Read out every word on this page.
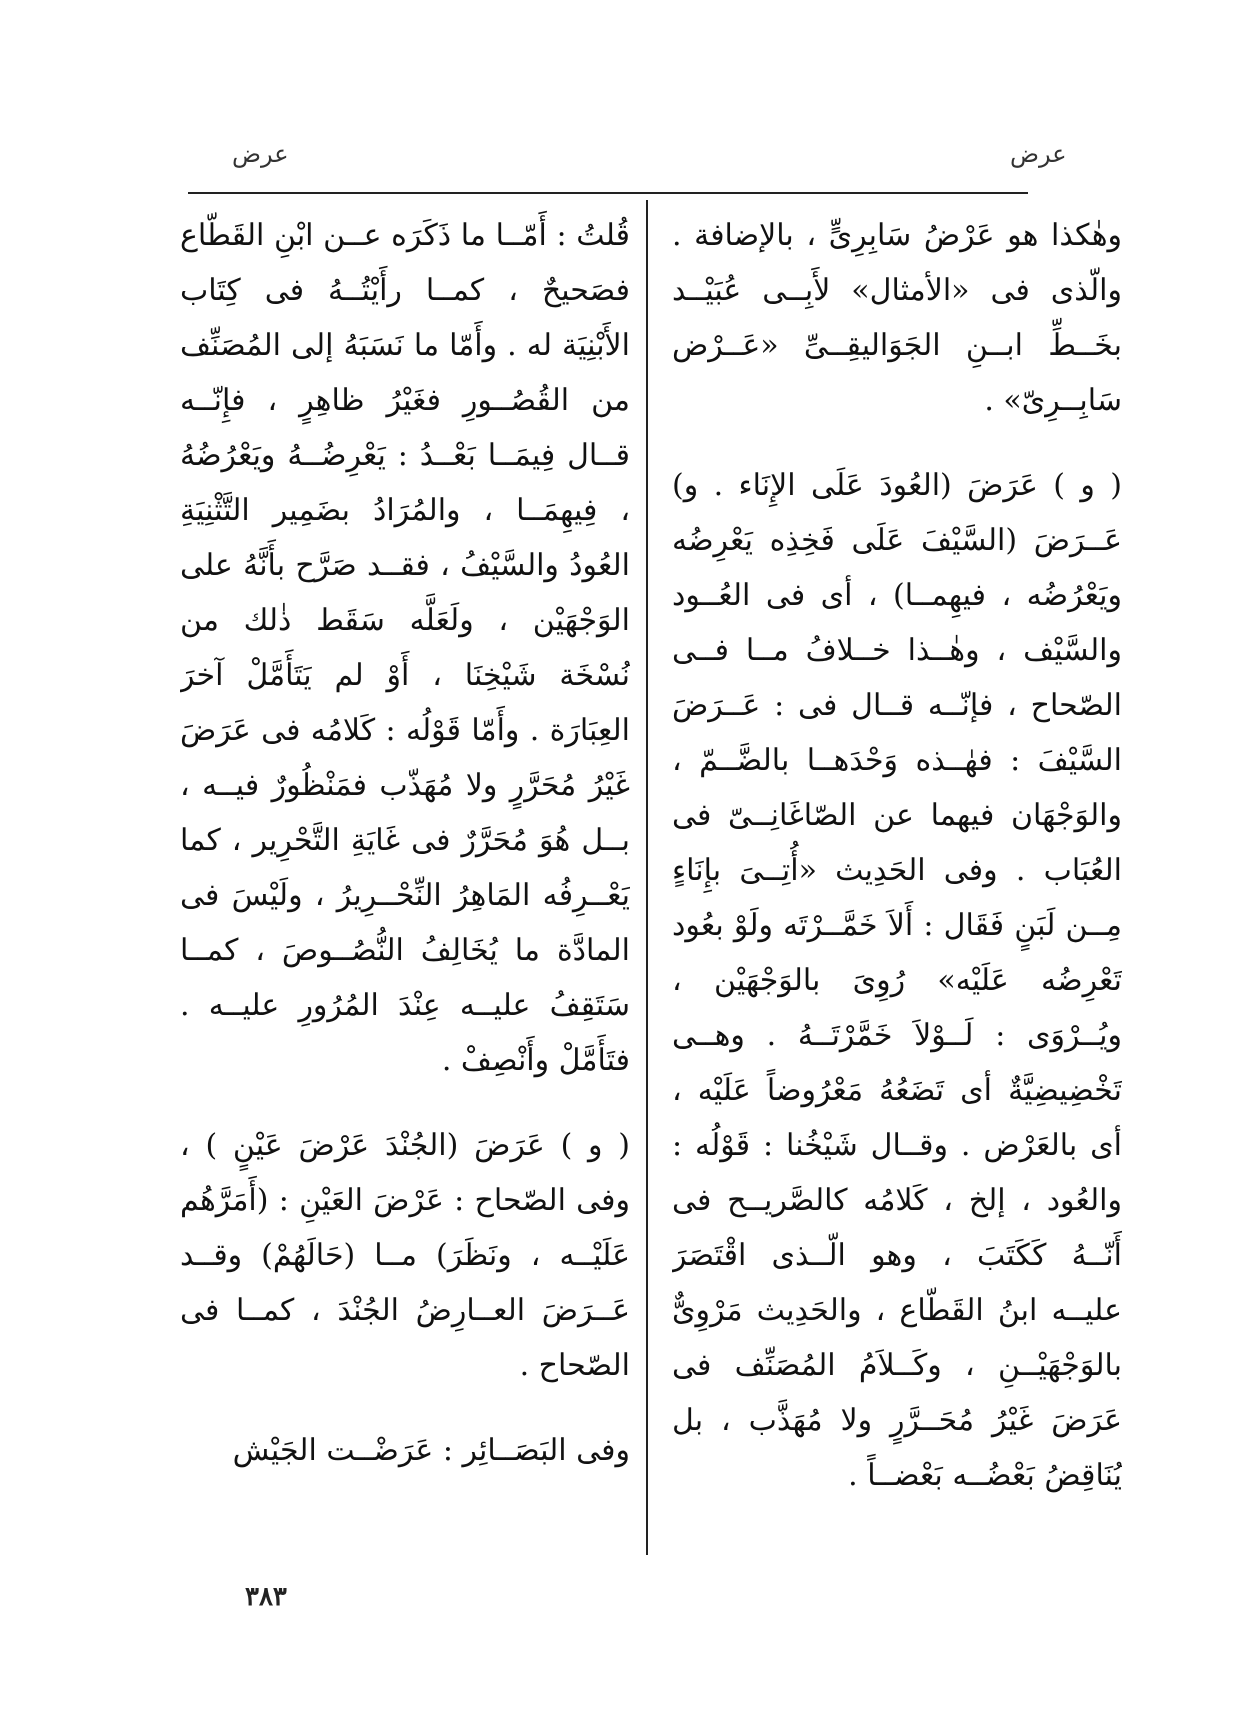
عرض
عرض

وهٰكذا هو عَرْضُ سَابِرِىٍّ ، بالإضافة . والّذى فى «الأمثال» لأَبِــى عُبَيْــد بخَــطِّ ابــنِ الجَوَاليقِــىِّ «عَــرْض سَابِــرِىّ» .

( و ) عَرَضَ (العُودَ عَلَى الإِنَاء . و) عَــرَضَ (السَّيْفَ عَلَى فَخِذِه يَعْرِضُه ويَعْرُضُه ، فيهِمــا) ، أى فى العُــود والسَّيْف ، وهٰــذا خــلافُ مــا فــى الصّحاح ، فإنّــه قــال فى : عَــرَضَ السَّيْفَ : فهٰــذه وَحْدَهــا بالضَّــمّ ، والوَجْهَان فيهما عن الصّاغَانِــىّ فى العُبَاب . وفى الحَدِيث «أُتِــىَ بإِنَاءٍ مِــن لَبَنٍ فَقَال : أَلاَ خَمَّــرْتَه ولَوْ بعُود تَعْرِضُه عَلَيْه» رُوِىَ بالوَجْهَيْن ، ويُــرْوَى : لَــوْلاَ خَمَّرْتَــهُ . وهــى تَخْضِيضِيَّةٌ أى تَضَعُهُ مَعْرُوضاً عَلَيْه ، أى بالعَرْض . وقــال شَيْخُنا : قَوْلُه : والعُود ، إلخ ، كَلامُه كالصَّريــح فى أَنّــهُ كَكَتَبَ ، وهو الّــذى اقْتَصَرَ عليــه ابنُ القَطّاع ، والحَدِيث مَرْوِىٌّ بالوَجْهَيْــنِ ، وكَــلاَمُ المُصَنِّف فى عَرَضَ غَيْرُ مُحَــرَّرٍ ولا مُهَذَّب ، بل يُنَاقِضُ بَعْضُــه بَعْضــاً .

قُلتُ : أَمّــا ما ذَكَرَه عــن ابْنِ القَطّاع فصَحيحٌ ، كمــا رأَيْتُــهُ فى كِتَاب الأَبْنِيَة له . وأَمّا ما نَسَبَهُ إلى المُصَنِّف من القُصُــورِ فغَيْرُ ظاهِرٍ ، فإِنّــه قــال فِيمَــا بَعْــدُ : يَعْرِضُــهُ ويَعْرُضُهُ ، فِيهِمَــا ، والمُرَادُ بضَمِير التَّثْنِيَةِ العُودُ والسَّيْفُ ، فقــد صَرَّح بأَنَّهُ على الوَجْهَيْن ، ولَعَلَّه سَقَط ذٰلك من نُسْخَة شَيْخِنَا ، أَوْ لم يَتَأَمَّلْ آخرَ العِبَارَة . وأَمّا قَوْلُه : كَلامُه فى عَرَضَ غَيْرُ مُحَرَّرٍ ولا مُهَذّب فمَنْظُورٌ فيــه ، بــل هُوَ مُحَرَّرٌ فى غَايَةِ التَّحْرِير ، كما يَعْــرِفُه المَاهِرُ النِّحْــرِيرُ ، ولَيْسَ فى المادَّة ما يُخَالِفُ النُّصُــوصَ ، كمــا سَتَقِفُ عليــه عِنْدَ المُرُورِ عليــه . فتَأَمَّلْ وأَنْصِفْ .

( و ) عَرَضَ (الجُنْدَ عَرْضَ عَيْنٍ ) ، وفى الصّحاح : عَرْضَ العَيْنِ : (أَمَرَّهُم عَلَيْــه ، ونَظَرَ) مــا (حَالَهُمْ) وقــد عَــرَضَ العــارِضُ الجُنْدَ ، كمــا فى الصّحاح .

وفى البَصَــائِر : عَرَضْــت الجَيْش

٣٨٣
